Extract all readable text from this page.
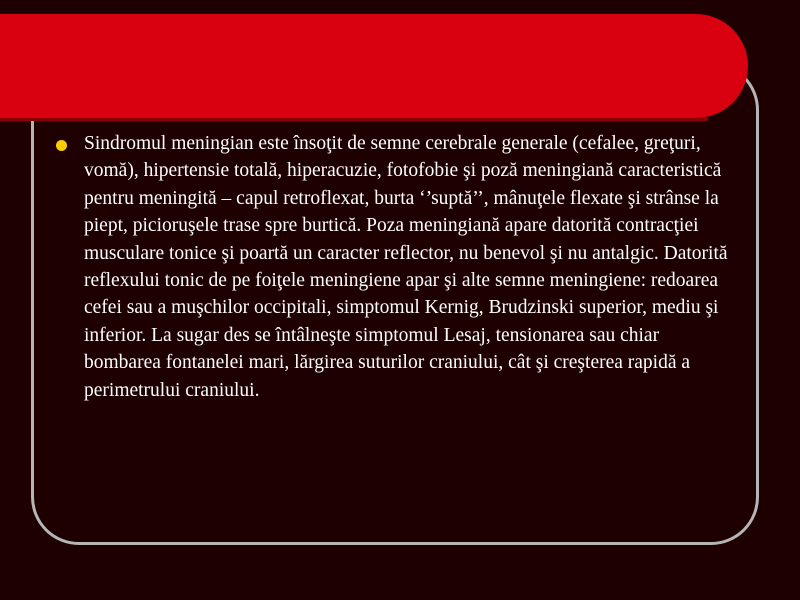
Sindromul meningian este însoţit de semne cerebrale generale (cefalee, greţuri, vomă), hipertensie totală, hiperacuzie, fotofobie şi poză meningiană caracteristică pentru meningită – capul retroflexat, burta ‘’suptă’’, mânuţele flexate şi strânse la piept, picioruşele trase spre burtică. Poza meningiană apare datorită contracţiei musculare tonice şi poartă un caracter reflector, nu benevol şi nu antalgic. Datorită reflexului tonic de pe foiţele meningiene apar şi alte semne meningiene: redoarea cefei sau a muşchilor occipitali, simptomul Kernig, Brudzinski superior, mediu şi inferior. La sugar des se întâlneşte simptomul Lesaj, tensionarea sau chiar bombarea fontanelei mari, lărgirea suturilor craniului, cât şi creşterea rapidă a perimetrului craniului.
